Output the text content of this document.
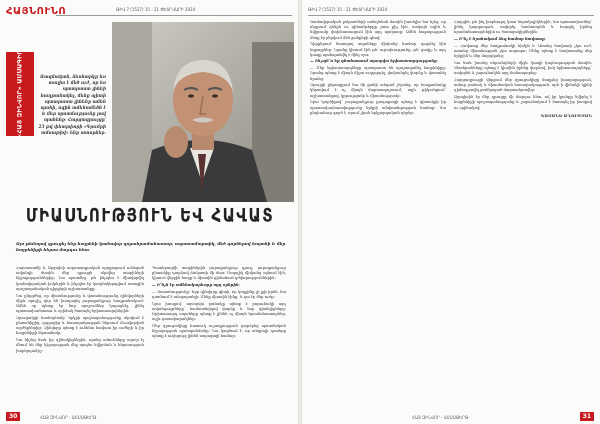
ՀԱՅՆՈՒՆՈ	ԹԻՎ 7 (1527) 15 - 21 ՓԵՏՐՎԱՐԻ 2024
«ՀԱՅ ԶԻՆՎՈՐ» ԱՄՍԱԳԻՐ	Ռազմական, ձեռնարկը ևս տալիս է մեծ ուժ, որ ես պատրաստ լինեի հաղթանակել, մենք պիտի պատրաստ լինենք ամեն պահի, ոգին ամենամեծն է և մեր պատմությունը լավ պահենք։ Հարցազրույցը՝ 23 թվ փետրվարի «Գյումրի ամսաթիվ» ենք ատորներ։
ՄԻԱՍՆՈՒԹՅՈՒՆ ԵՎ ՀԱՎԱՏ
Այս թեմայով զրուցել ենք հայրենի կամավոր զորահրամանատար, ազատամարտիկ, մեծ գործերով հայտնի և մեր հայրենիքի հերոս մարդու հետ։

Հայաստանի և Արցախի ազատագրական պայքարում ունեցած ավանդի մասին մեր զրույցն սկսվեց տարիների հիշողություններից։ Նա պատմեց, թե ինչպես է միավորվել կամավորական խմբերին և ինչպես էր կազմակերպվում առաջին պաշտպանական դիրքերի աշխատանքը։

Նա ընդգծեց, որ միասնությունը և վստահությունը զինվորների միջև որոշիչ դեր են խաղացել յուրաքանչյուր հաղթանակում։ Ամեն օր պետք էր նոր որոշումներ կայացնել, լինել պատասխանատու և օրինակ ծառայել երիտասարդներին։

Զրուցակցի համոզմամբ՝ երկրի պաշտպանությունը սկսվում է ընտանիքից, դպրոցից և հասարակության ներսում ձևավորված արժեքներից։ Զինվորը պետք է ունենա հավատ իր ուժերի և իր հայրենիքի նկատմամբ։

Նա հիշեց նաև իր զինակիցներին, որոնց անունները այսօր էլ մնում են մեր հիշողության մեջ որպես նվիրման և հերոսության խորհրդանիշ։

Պատերազմի տարիներին յուրաքանչյուր գյուղ, յուրաքանչյուր ընտանիք դարձավ ճակատի մի մաս։ Մարդիկ միմյանց օգնում էին, կիսում վերջին հացը և միասին դիմանում դժվարություններին։

— Ի՞նչն էր ամենակարևորը այդ օրերին։

— Վստահությունը։ Երբ զինվորը գիտի, որ կողքինը չի լքի իրեն, նա դառնում է անպարտելի։ Մենք միասին էինք, և դա էր մեր ուժը։

Նրա խոսքով՝ այսօրվա բանակը պետք է շարունակի այդ ավանդույթները՝ համատեղելով փորձը և նոր գիտելիքները։ Երիտասարդ սպաները պետք է լինեն ոչ միայն հրամանատարներ, այլև դաստիարակներ։

Մեր զրուցակիցը հատուկ ուշադրություն դարձրեց պատմական հիշողության պահպանմանը։ Նա կարծում է, որ անցյալի դասերը պետք է ուղեցույց լինեն ապագայի համար։

30	ՀԱՅ ԶԻՆՎՈՐ - ԱՄՍԱԹԵՐԹ
ԹԻՎ 7 (1527) 15 - 21 ՓԵՏՐՎԱՐԻ 2024

Կամավորական ջոկատների ստեղծման մասին խոսելիս նա նշեց, որ սկզբում զենքն ու զինամթերքը շատ քիչ էին, սակայն ոգին և նվիրումը փոխհատուցում էին այդ պակասը։ Ամեն հաջողություն ձեռք էր բերվում մեծ ջանքերի գնով։

Դիրքերում ծառայող տղաները միմյանց համար դարձել էին եղբայրներ։ Նրանք կիսում էին թե՛ ուրախությունը, թե՛ ցավը, և այդ կապը պահպանվել է մինչ օրս։

— Ինչպե՞ս եք գնահատում այսօրվա երիտասարդությանը։

— Մեր երիտասարդները պատրաստ են պաշտպանել հայրենիքը։ Նրանց պետք է միայն ճիշտ ուղղորդել, փոխանցել փորձը և վստահել նրանց։

Զրույցի ընթացքում նա մի քանի անգամ շեշտեց, որ հաղթանակը կերտվում է ոչ միայն մարտադաշտում, այլև թիկունքում՝ աշխատանքով, կրթությամբ և միասնությամբ։

Նրա կարծիքով՝ յուրաքանչյուր քաղաքացի պետք է գիտակցի իր պատասխանատվությունը երկրի անվտանգության համար։ Սա ընդհանուր գործ է, որում չկան երկրորդական դերեր։

Հարցին, թե ինչ խորհուրդ կտա նորակոչիկներին, նա պատասխանեց՝ լինել կարգապահ, սովորել համառորեն և հարգել իրենց հրամանատարներին ու ծառայակիցներին։

— Ի՞նչ է նշանակում ձեզ համար հավատը։

— Հավատը մեր հաղթանակի հիմքն է։ Առանց հավատի չկա ուժ, առանց միասնության չկա ապագա։ Մենք պետք է հավատանք մեր երկրին և մեր մարդկանց։

Նա նաև խոսեց սերունդների միջև կապի կարևորության մասին։ Վետերանները պետք է կիսվեն իրենց փորձով, իսկ երիտասարդները՝ սովորեն և շարունակեն այդ ճանապարհը։

Հարցազրույցի վերջում մեր զրուցակիցը մաղթեց խաղաղություն, ամուր բանակ և միասնական հասարակություն, որն ի վիճակի կլինի դիմագրավել ցանկացած մարտահրավեր։

Այսպիսին էր մեր զրույցը մի մարդու հետ, ով իր կյանքը նվիրել է հայրենիքի պաշտպանությանը և շարունակում է ծառայել իր խոսքով ու օրինակով։

ԳԱՅԱՆԵ ԱՂՈՒՄՅԱՆ
ՀԱՅ ԶԻՆՎՈՐ - ԱՄՍԱԹԵՐԹ	31
